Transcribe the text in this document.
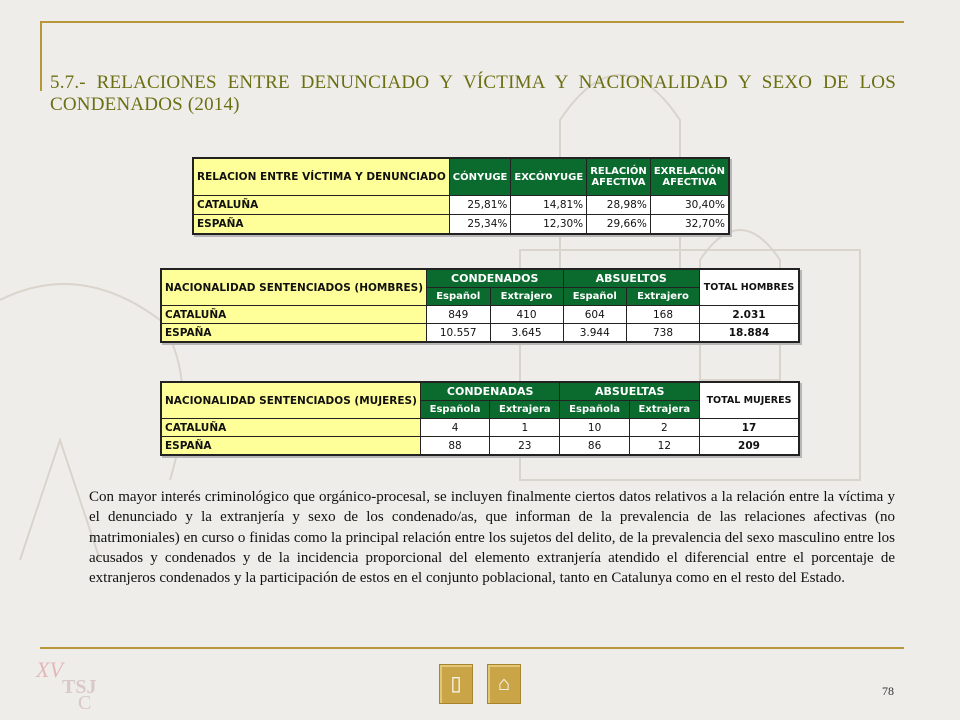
5.7.- RELACIONES ENTRE DENUNCIADO Y VÍCTIMA Y NACIONALIDAD Y SEXO DE LOS CONDENADOS (2014)
RELACION ENTRE VÍCTIMA Y DENUNCIADO	CÓNYUGE	EXCÓNYUGE	RELACIÓN AFECTIVA	EXRELACIÓN AFECTIVA
CATALUÑA	25,81%	14,81%	28,98%	30,40%
ESPAÑA	25,34%	12,30%	29,66%	32,70%
NACIONALIDAD SENTENCIADOS (HOMBRES)	CONDENADOS		ABSUELTOS		TOTAL HOMBRES
	Español	Extrajero	Español	Extrajero	
CATALUÑA	849	410	604	168	2.031
ESPAÑA	10.557	3.645	3.944	738	18.884
NACIONALIDAD SENTENCIADOS (MUJERES)	CONDENADAS		ABSUELTAS		TOTAL MUJERES
	Española	Extrajera	Española	Extrajera	
CATALUÑA	4	1	10	2	17
ESPAÑA	88	23	86	12	209
Con mayor interés criminológico que orgánico-procesal, se incluyen finalmente ciertos datos relativos a la relación entre la víctima y el denunciado y la extranjería y sexo de los condenado/as, que informan de la prevalencia de las relaciones afectivas (no matrimoniales) en curso o finidas como la principal relación entre los sujetos del delito, de la prevalencia del sexo masculino entre los acusados y condenados y de la incidencia proporcional del elemento extranjería atendido el diferencial entre el porcentaje de extranjeros condenados y la participación de estos en el conjunto poblacional, tanto en Catalunya como en el resto del Estado.
XV
TSJ
C
▯	⌂	78
